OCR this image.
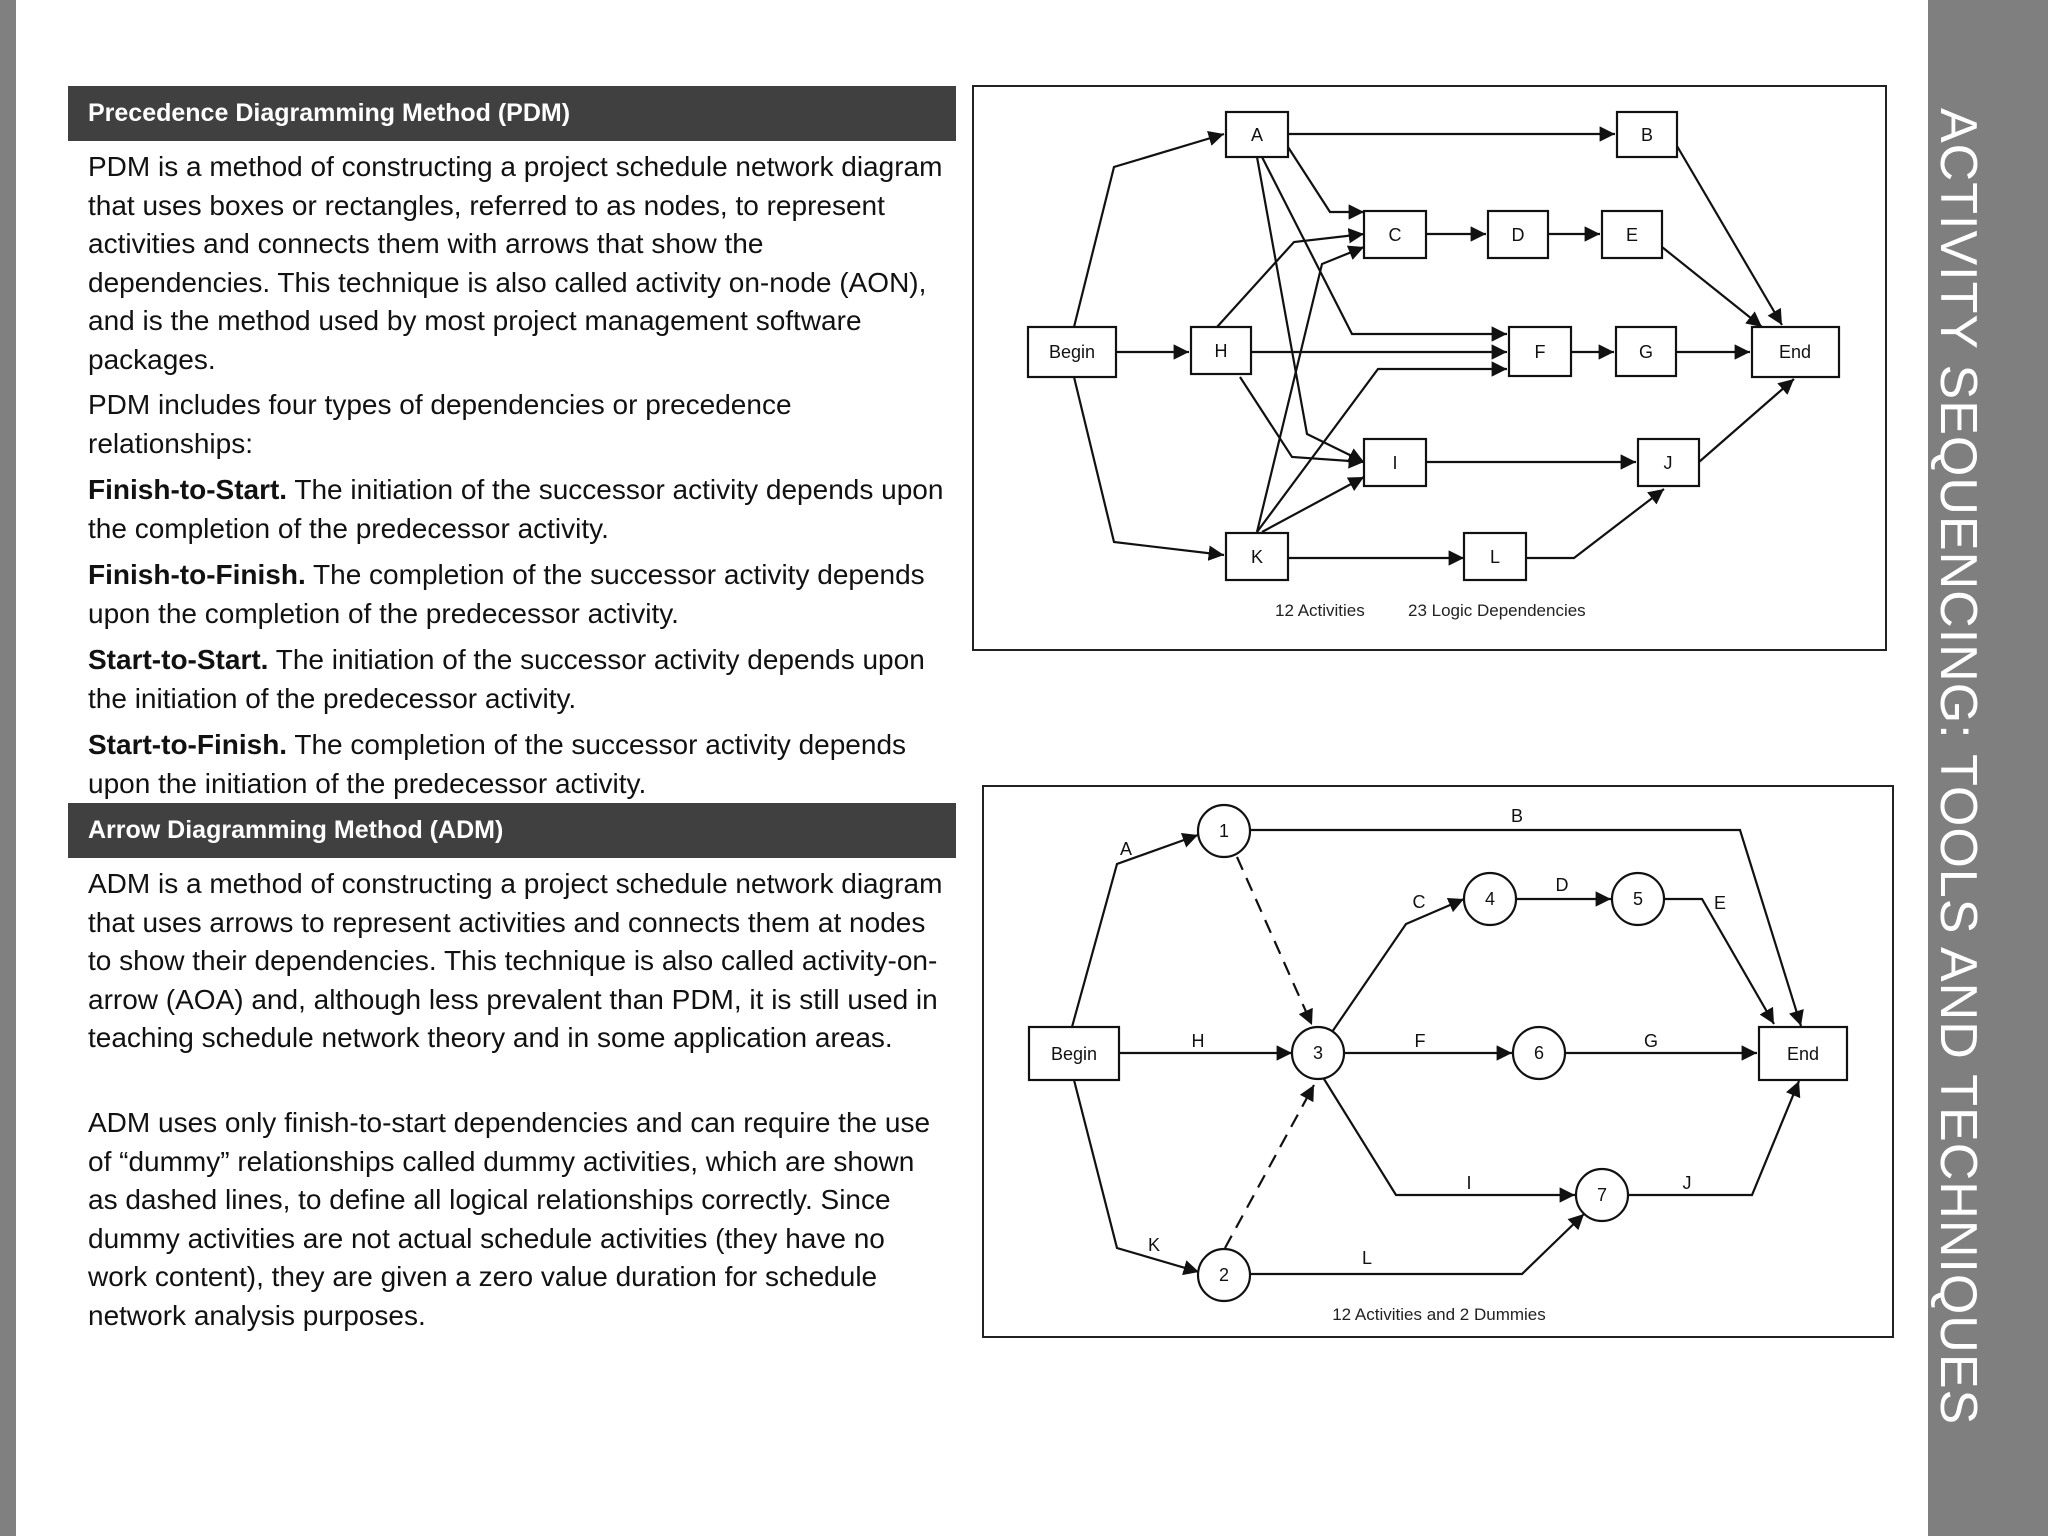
ACTIVITY SEQUENCING: TOOLS AND TECHNIQUES
Precedence Diagramming Method (PDM)

PDM is a method of constructing a project schedule network diagram that uses boxes or rectangles, referred to as nodes, to represent activities and connects them with arrows that show the dependencies. This technique is also called activity on-node (AON), and is the method used by most project management software packages.

PDM includes four types of dependencies or precedence relationships:

Finish-to-Start. The initiation of the successor activity depends upon the completion of the predecessor activity.

Finish-to-Finish. The completion of the successor activity depends upon the completion of the predecessor activity.

Start-to-Start. The initiation of the successor activity depends upon the initiation of the predecessor activity.

Start-to-Finish. The completion of the successor activity depends upon the initiation of the predecessor activity.

Arrow Diagramming Method (ADM)

ADM is a method of constructing a project schedule network diagram that uses arrows to represent activities and connects them at nodes to show their dependencies. This technique is also called activity-on-arrow (AOA) and, although less prevalent than PDM, it is still used in teaching schedule network theory and in some application areas.

ADM uses only finish-to-start dependencies and can require the use of “dummy” relationships called dummy activities, which are shown as dashed lines, to define all logical relationships correctly. Since dummy activities are not actual schedule activities (they have no work content), they are given a zero value duration for schedule network analysis purposes.

Begin
A	B
C	D	E
H	F	G	End
I	J
K	L
12 Activities	23 Logic Dependencies
A
B
C
D
E
H	F	G
I	J
K
L
Begin	End
1
2
3
4	5
6
7
12 Activities and 2 Dummies
